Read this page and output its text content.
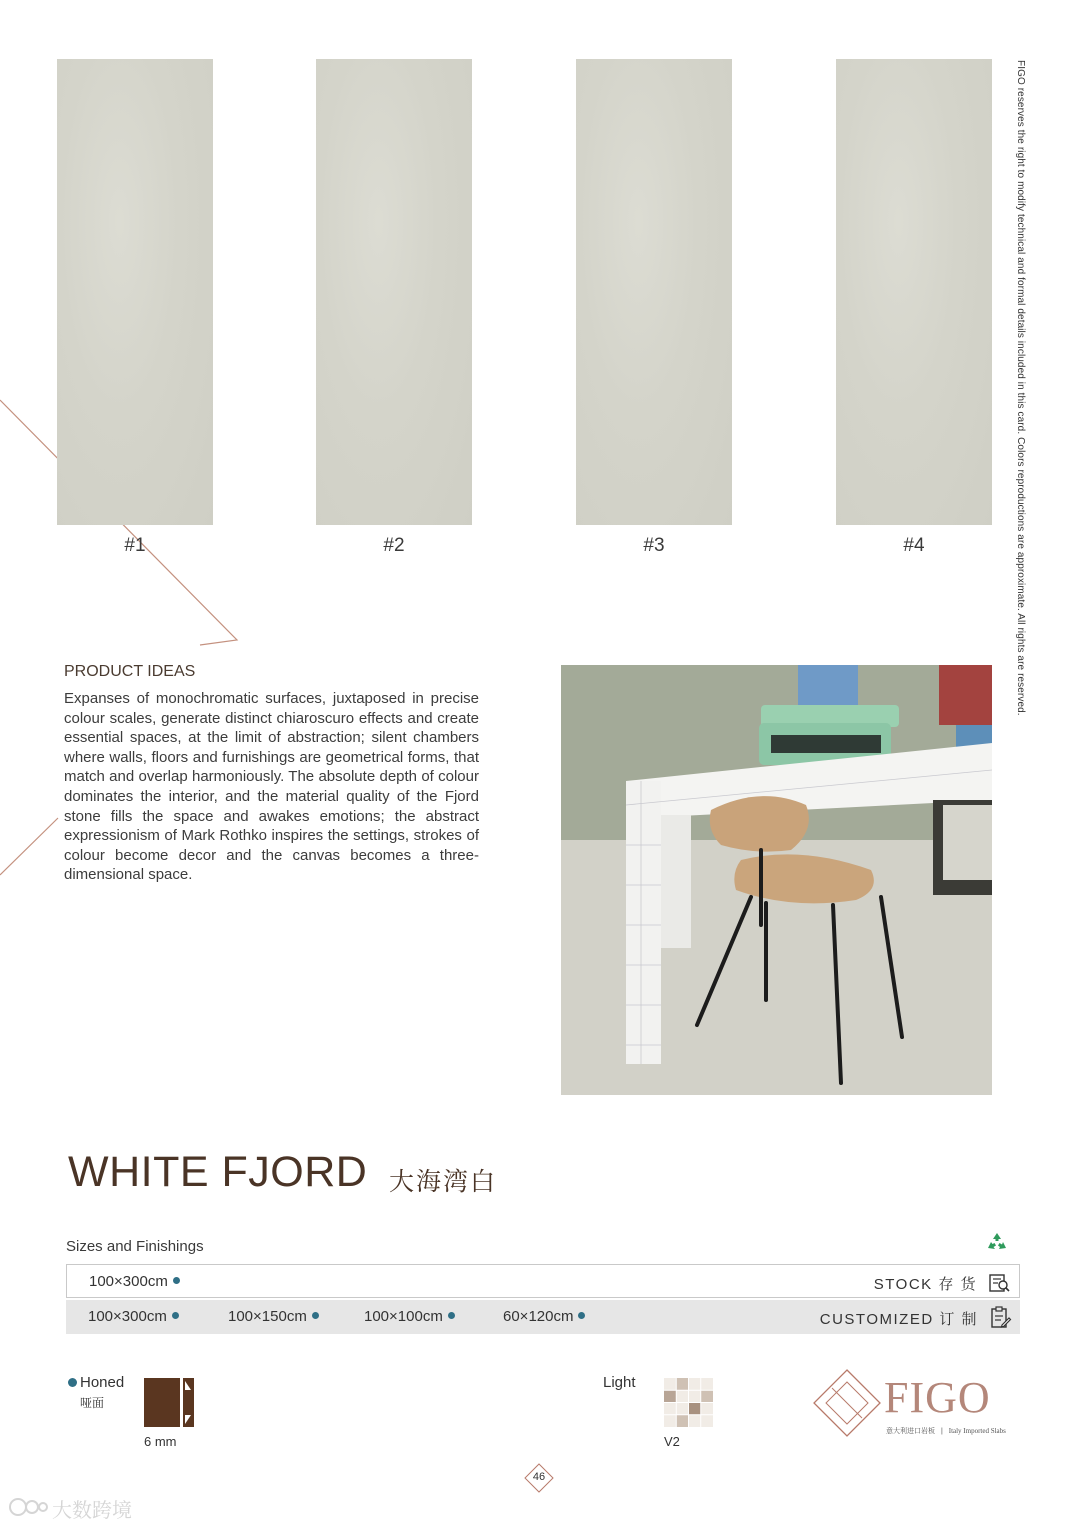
#1	#2	#3	#4	FIGO reserves the right to modify technical and formal details included in this card. Colors reproductions are approximate. All rights are reserved.
PRODUCT IDEAS
Expanses of monochromatic surfaces, juxtaposed in precise colour scales, generate distinct chiaroscuro effects and create essential spaces, at the limit of abstraction; silent chambers where walls, floors and furnishings are geometrical forms, that match and overlap harmoniously. The absolute depth of colour dominates the interior, and the material quality of the Fjord stone fills the space and awakes emotions; the abstract expressionism of Mark Rothko inspires the settings, strokes of colour become decor and the canvas becomes a three-dimensional space.
WHITE FJORD 大海湾白
Sizes and Finishings
100×300cm	STOCK 存 货
100×300cm	100×150cm	100×100cm	60×120cm	CUSTOMIZED 订 制
Honed
哑面
6 mm
Light
V2
FIGO
意大利进口岩板 | Italy Imported Slabs
46
大数跨境
